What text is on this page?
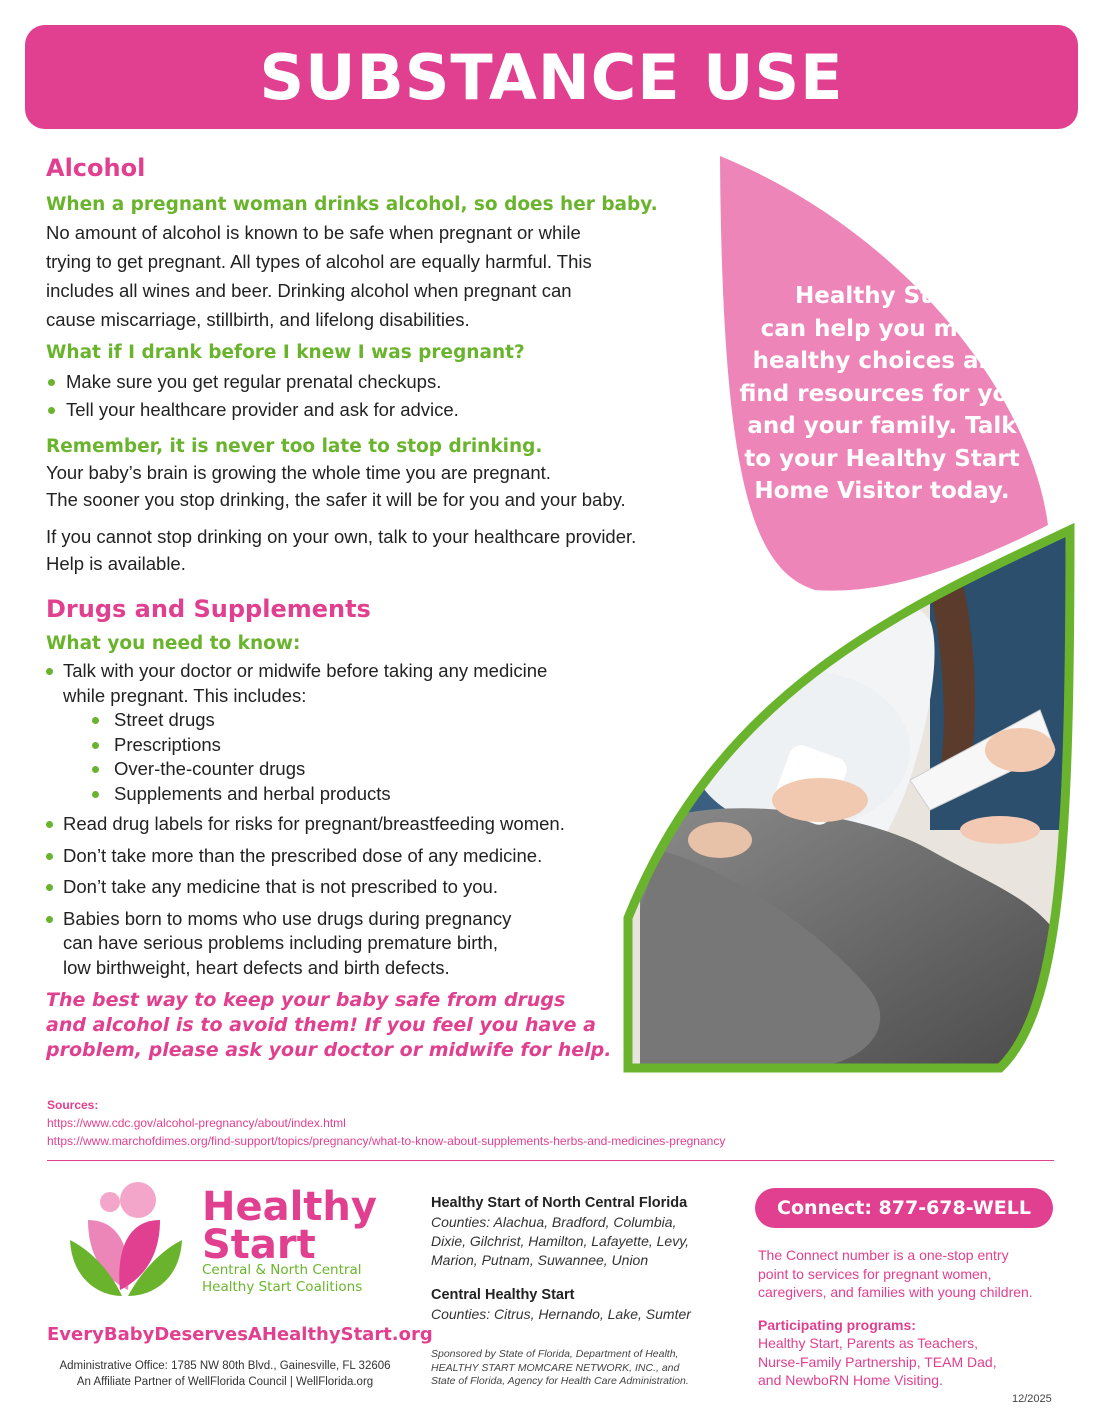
SUBSTANCE USE
Healthy Start
can help you make
healthy choices and
find resources for you
and your family. Talk
to your Healthy Start
Home Visitor today.
Alcohol
When a pregnant woman drinks alcohol, so does her baby.

No amount of alcohol is known to be safe when pregnant or while
trying to get pregnant. All types of alcohol are equally harmful. This
includes all wines and beer. Drinking alcohol when pregnant can
cause miscarriage, stillbirth, and lifelong disabilities.

What if I drank before I knew I was pregnant?
Make sure you get regular prenatal checkups.
Tell your healthcare provider and ask for advice.
Remember, it is never too late to stop drinking.

Your baby’s brain is growing the whole time you are pregnant.
The sooner you stop drinking, the safer it will be for you and your baby.

If you cannot stop drinking on your own, talk to your healthcare provider.
Help is available.

Drugs and Supplements
What you need to know:
Talk with your doctor or midwife before taking any medicine
while pregnant. This includes:
Street drugs
Prescriptions
Over-the-counter drugs
Supplements and herbal products
Read drug labels for risks for pregnant/breastfeeding women.
Don’t take more than the prescribed dose of any medicine.
Don’t take any medicine that is not prescribed to you.
Babies born to moms who use drugs during pregnancy
can have serious problems including premature birth,
low birthweight, heart defects and birth defects.
The best way to keep your baby safe from drugs
and alcohol is to avoid them! If you feel you have a
problem, please ask your doctor or midwife for help.
Sources:
https://www.cdc.gov/alcohol-pregnancy/about/index.html
https://www.marchofdimes.org/find-support/topics/pregnancy/what-to-know-about-supplements-herbs-and-medicines-pregnancy
Healthy
Start
Central & North Central
Healthy Start Coalitions
EveryBabyDeservesAHealthyStart.org
Administrative Office: 1785 NW 80th Blvd., Gainesville, FL 32606
An Affiliate Partner of WellFlorida Council | WellFlorida.org
Healthy Start of North Central Florida
Counties: Alachua, Bradford, Columbia,
Dixie, Gilchrist, Hamilton, Lafayette, Levy,
Marion, Putnam, Suwannee, Union
Central Healthy Start
Counties: Citrus, Hernando, Lake, Sumter
Sponsored by State of Florida, Department of Health,
HEALTHY START MOMCARE NETWORK, INC., and
State of Florida, Agency for Health Care Administration.
Connect: 877-678-WELL
The Connect number is a one-stop entry
point to services for pregnant women,
caregivers, and families with young children.
Participating programs:
Healthy Start, Parents as Teachers,
Nurse-Family Partnership, TEAM Dad,
and NewboRN Home Visiting.
12/2025
